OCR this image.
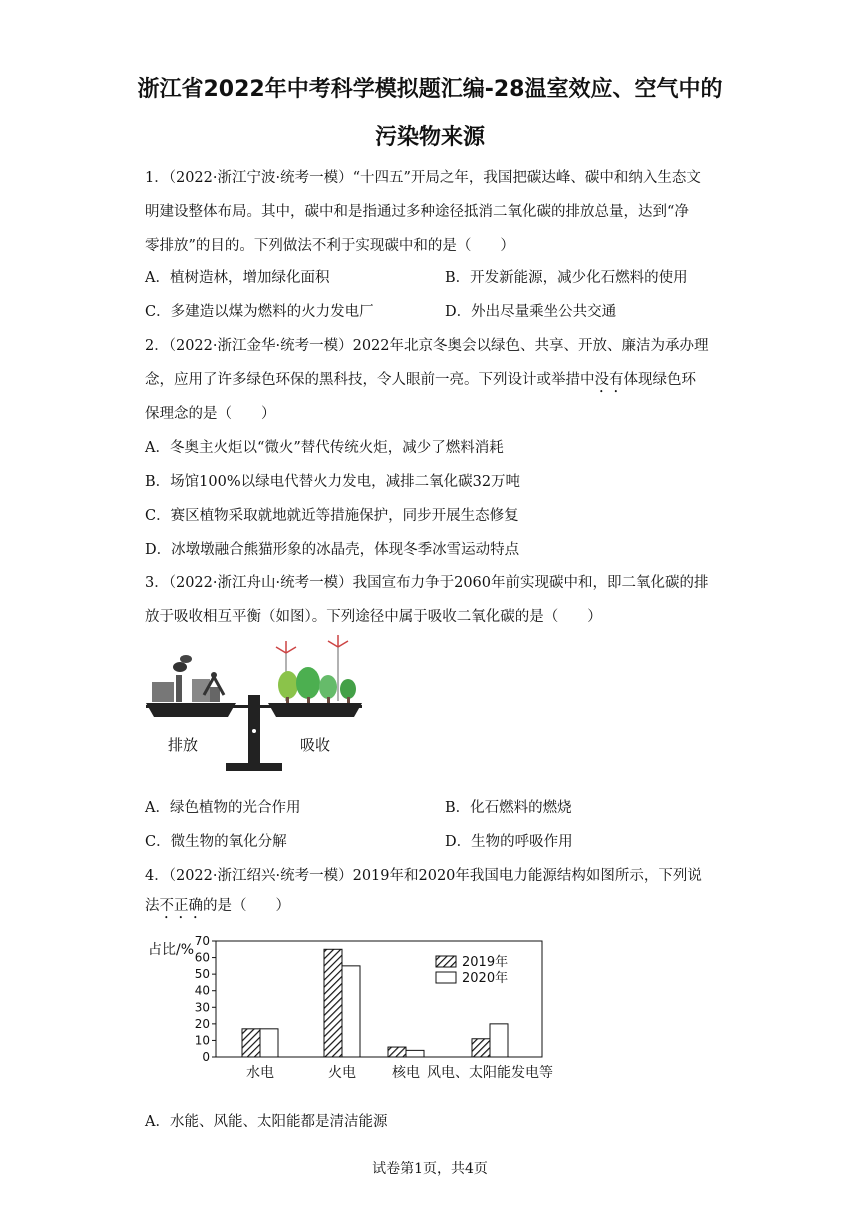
浙江省2022年中考科学模拟题汇编-28温室效应、空气中的
污染物来源
1．（2022·浙江宁波·统考一模）“十四五”开局之年，我国把碳达峰、碳中和纳入生态文
明建设整体布局。其中，碳中和是指通过多种途径抵消二氧化碳的排放总量，达到“净
零排放”的目的。下列做法不利于实现碳中和的是（　　）
A．植树造林，增加绿化面积	B．开发新能源，减少化石燃料的使用
C．多建造以煤为燃料的火力发电厂	D．外出尽量乘坐公共交通
2．（2022·浙江金华·统考一模）2022年北京冬奥会以绿色、共享、开放、廉洁为承办理
念，应用了许多绿色环保的黑科技，令人眼前一亮。下列设计或举措中没有体现绿色环
保理念的是（　　）
A．冬奥主火炬以“微火”替代传统火炬，减少了燃料消耗
B．场馆100%以绿电代替火力发电，减排二氧化碳32万吨
C．赛区植物采取就地就近等措施保护，同步开展生态修复
D．冰墩墩融合熊猫形象的冰晶壳，体现冬季冰雪运动特点
3．（2022·浙江舟山·统考一模）我国宣布力争于2060年前实现碳中和，即二氧化碳的排
放于吸收相互平衡（如图）。下列途径中属于吸收二氧化碳的是（　　）
排放	吸收
A．绿色植物的光合作用	B．化石燃料的燃烧
C．微生物的氧化分解	D．生物的呼吸作用
4．（2022·浙江绍兴·统考一模）2019年和2020年我国电力能源结构如图所示，下列说
法不正确的是（　　）
占比/%
0
10
20
30
40
50
60
70
水电	火电	核电 风电、太阳能发电等
2019年
2020年
A．水能、风能、太阳能都是清洁能源
试卷第1页，共4页
